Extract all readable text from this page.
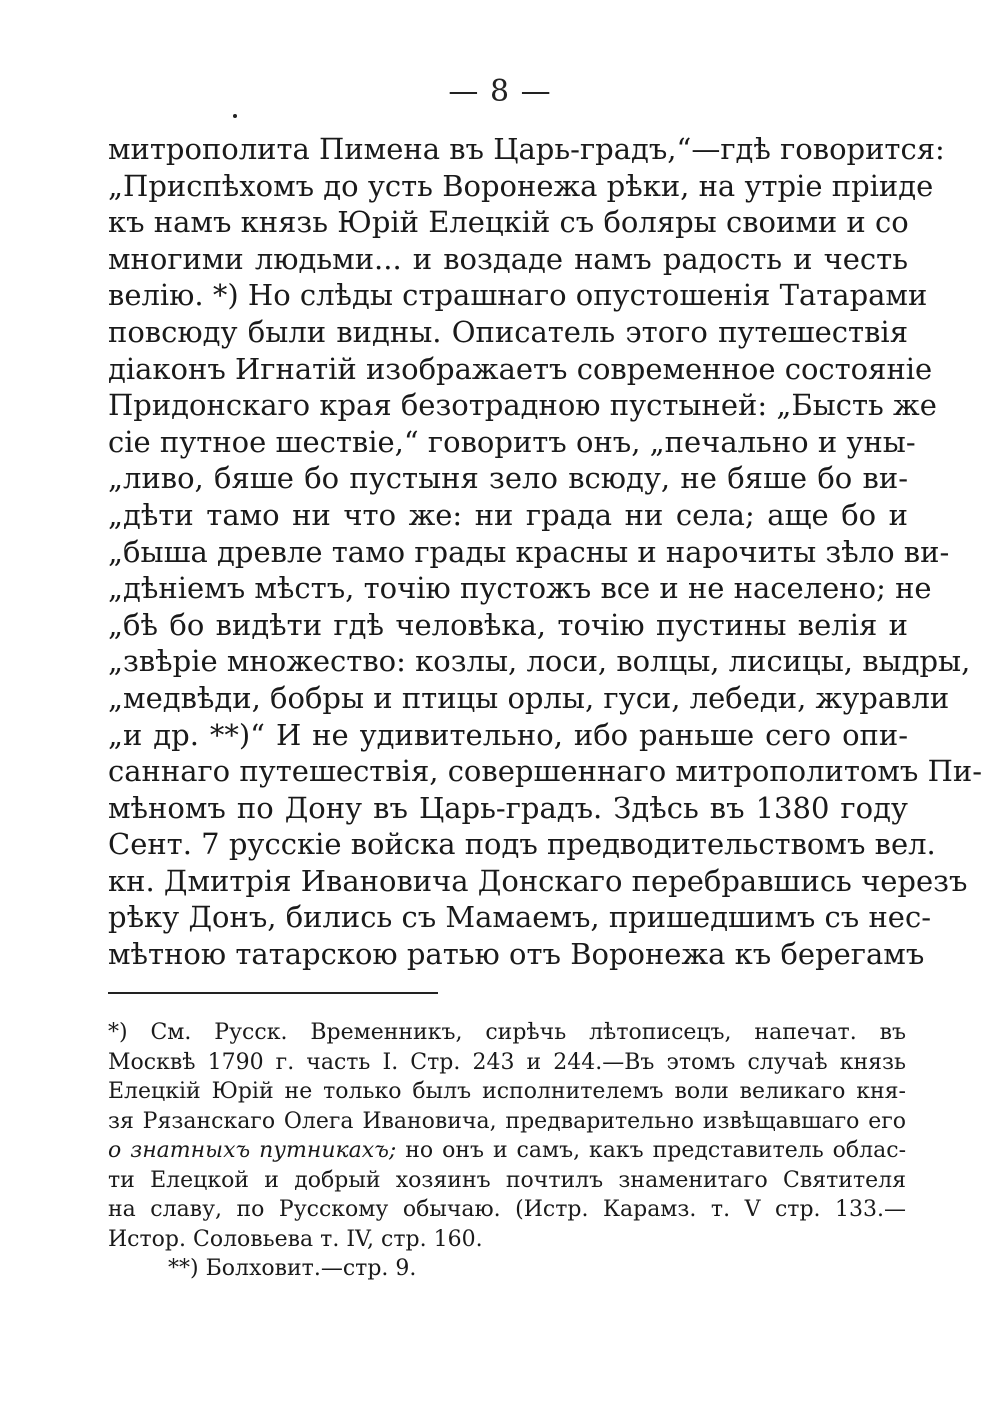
— 8 —
митрополита Пимена въ Царь-градъ,“—гдѣ говорится:
„Приспѣхомъ до усть Воронежа рѣки, на утріе пріиде
къ намъ князь Юрій Елецкій съ боляры своими и со
многими людьми... и воздаде намъ радость и честь
велію. *) Но слѣды страшнаго опустошенія Татарами
повсюду были видны. Описатель этого путешествія
діаконъ Игнатій изображаетъ современное состояніе
Придонскаго края безотрадною пустыней: „Бысть же
сіе путное шествіе,“ говоритъ онъ, „печально и уны-
„ливо, бяше бо пустыня зело всюду, не бяше бо ви-
„дѣти тамо ни что же: ни града ни села; аще бо и
„быша древле тамо грады красны и нарочиты зѣло ви-
„дѣніемъ мѣстъ, точію пустожъ все и не населено; не
„бѣ бо видѣти гдѣ человѣка, точію пустины велія и
„звѣріе множество: козлы, лоси, волцы, лисицы, выдры,
„медвѣди, бобры и птицы орлы, гуси, лебеди, журавли
„и др. **)“ И не удивительно, ибо раньше сего опи-
саннаго путешествія, совершеннаго митрополитомъ Пи-
мѣномъ по Дону въ Царь-градъ. Здѣсь въ 1380 году
Сент. 7 русскіе войска подъ предводительствомъ вел.
кн. Дмитрія Ивановича Донскаго перебравшись черезъ
рѣку Донъ, бились съ Мамаемъ, пришедшимъ съ нес-
мѣтною татарскою ратью отъ Воронежа къ берегамъ
*) См. Русск. Временникъ, сирѣчь лѣтописецъ, напечат. въ
Москвѣ 1790 г. часть I. Стр. 243 и 244.—Въ этомъ случаѣ князь
Елецкій Юрій не только былъ исполнителемъ воли великаго кня-
зя Рязанскаго Олега Ивановича, предварительно извѣщавшаго его
о знатныхъ путникахъ; но онъ и самъ, какъ представитель облас-
ти Елецкой и добрый хозяинъ почтилъ знаменитаго Святителя
на славу, по Русскому обычаю. (Истр. Карамз. т. V стр. 133.—
Истор. Соловьева т. IV, стр. 160.
**) Болховит.—стр. 9.
